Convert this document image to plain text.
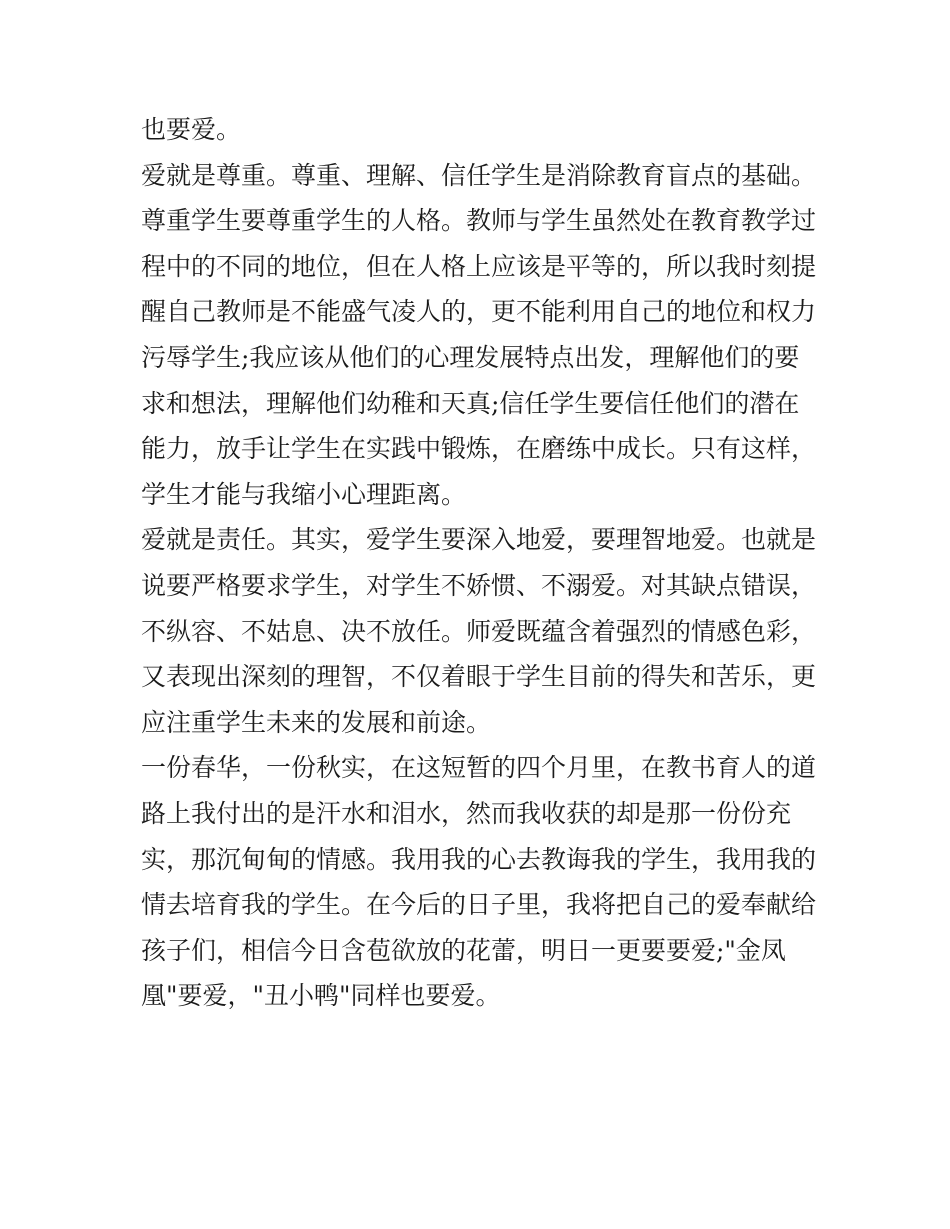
也要爱。
爱就是尊重。尊重、理解、信任学生是消除教育盲点的基础。
尊重学生要尊重学生的人格。教师与学生虽然处在教育教学过
程中的不同的地位，但在人格上应该是平等的，所以我时刻提
醒自己教师是不能盛气凌人的，更不能利用自己的地位和权力
污辱学生;我应该从他们的心理发展特点出发，理解他们的要
求和想法，理解他们幼稚和天真;信任学生要信任他们的潜在
能力，放手让学生在实践中锻炼，在磨练中成长。只有这样，
学生才能与我缩小心理距离。
爱就是责任。其实，爱学生要深入地爱，要理智地爱。也就是
说要严格要求学生，对学生不娇惯、不溺爱。对其缺点错误，
不纵容、不姑息、决不放任。师爱既蕴含着强烈的情感色彩，
又表现出深刻的理智，不仅着眼于学生目前的得失和苦乐，更
应注重学生未来的发展和前途。
一份春华，一份秋实，在这短暂的四个月里，在教书育人的道
路上我付出的是汗水和泪水，然而我收获的却是那一份份充
实，那沉甸甸的情感。我用我的心去教诲我的学生，我用我的
情去培育我的学生。在今后的日子里，我将把自己的爱奉献给
孩子们，相信今日含苞欲放的花蕾，明日一更要要爱;"金凤
凰"要爱，"丑小鸭"同样也要爱。
